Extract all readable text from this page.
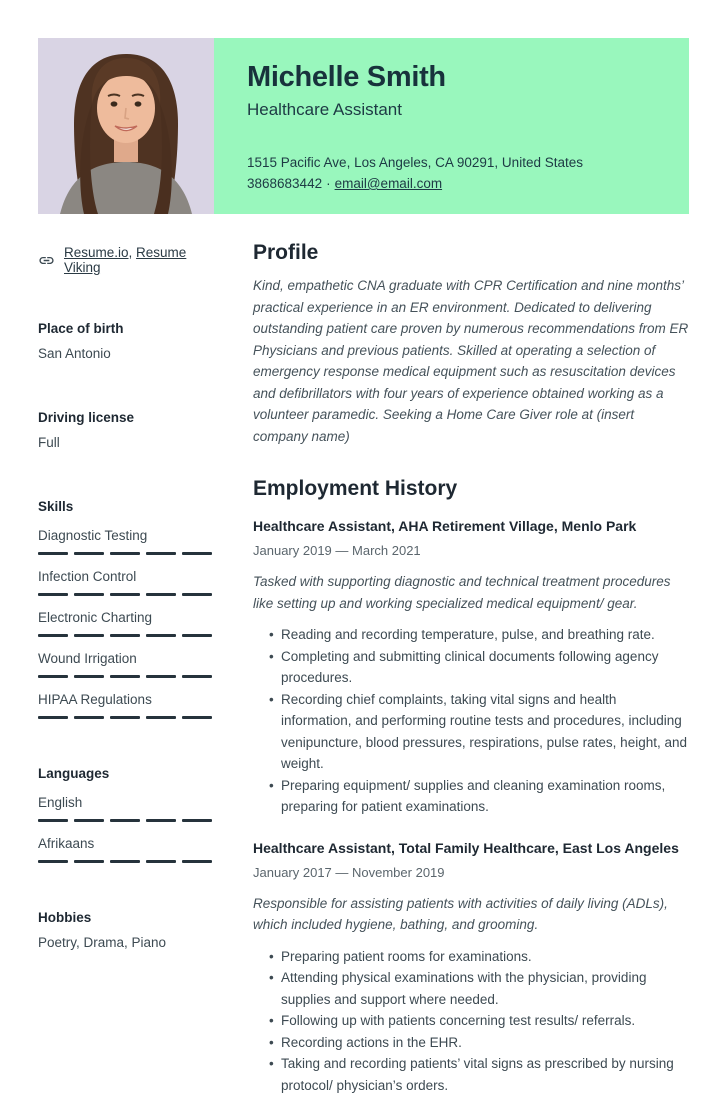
Michelle Smith
Healthcare Assistant
1515 Pacific Ave, Los Angeles, CA 90291, United States
3868683442 · email@email.com
Resume.io, Resume Viking
Place of birth
San Antonio
Driving license
Full
Skills
Diagnostic Testing
Infection Control
Electronic Charting
Wound Irrigation
HIPAA Regulations
Languages
English
Afrikaans
Hobbies
Poetry, Drama, Piano
Profile
Kind, empathetic CNA graduate with CPR Certification and nine months’ practical experience in an ER environment. Dedicated to delivering outstanding patient care proven by numerous recommendations from ER Physicians and previous patients. Skilled at operating a selection of emergency response medical equipment such as resuscitation devices and defibrillators with four years of experience obtained working as a volunteer paramedic. Seeking a Home Care Giver role at (insert company name)
Employment History
Healthcare Assistant, AHA Retirement Village, Menlo Park
January 2019 — March 2021
Tasked with supporting diagnostic and technical treatment procedures like setting up and working specialized medical equipment/ gear.
• Reading and recording temperature, pulse, and breathing rate.
• Completing and submitting clinical documents following agency procedures.
• Recording chief complaints, taking vital signs and health information, and performing routine tests and procedures, including venipuncture, blood pressures, respirations, pulse rates, height, and weight.
• Preparing equipment/ supplies and cleaning examination rooms, preparing for patient examinations.
Healthcare Assistant, Total Family Healthcare, East Los Angeles
January 2017 — November 2019
Responsible for assisting patients with activities of daily living (ADLs), which included hygiene, bathing, and grooming.
• Preparing patient rooms for examinations.
• Attending physical examinations with the physician, providing supplies and support where needed.
• Following up with patients concerning test results/ referrals.
• Recording actions in the EHR.
• Taking and recording patients’ vital signs as prescribed by nursing protocol/ physician’s orders.
